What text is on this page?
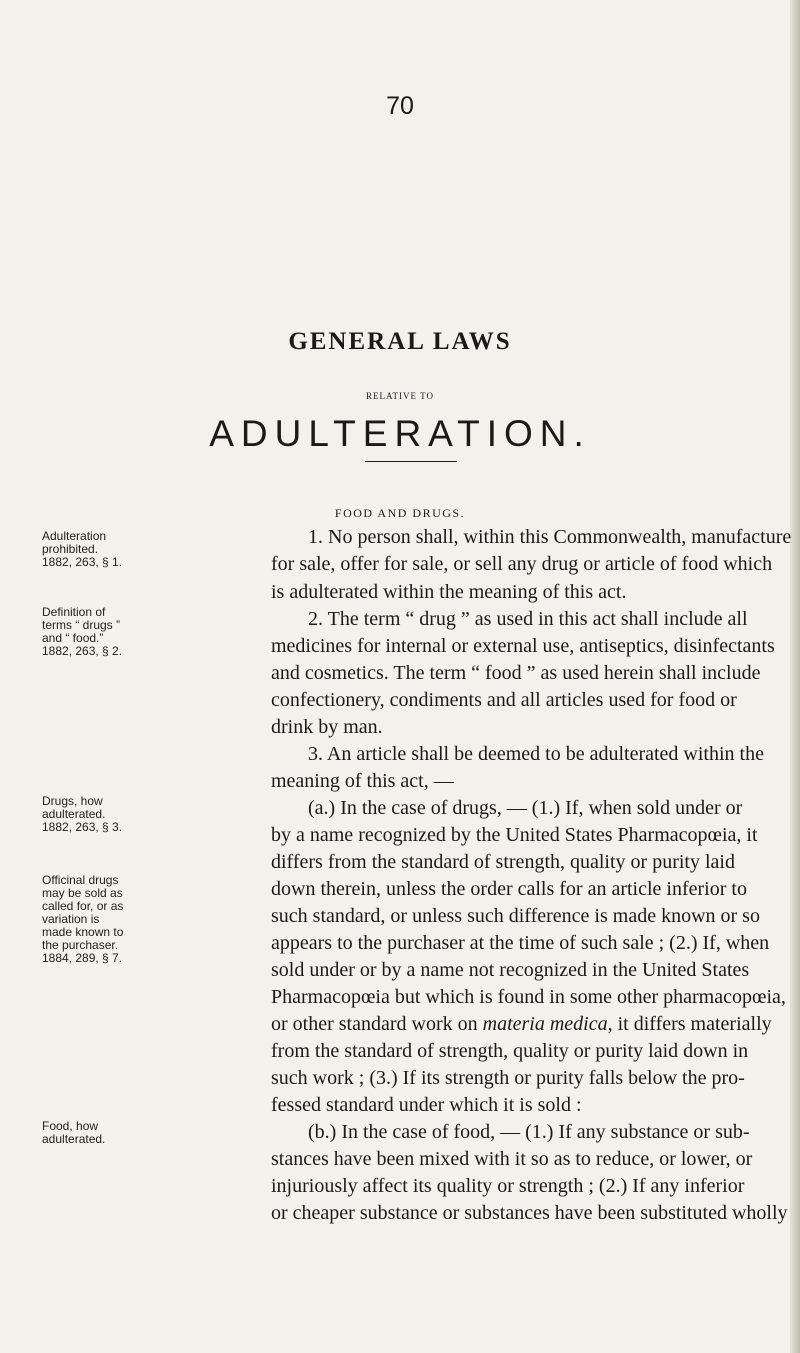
70
GENERAL LAWS
RELATIVE TO
ADULTERATION.
FOOD AND DRUGS.
1. No person shall, within this Commonwealth, manufacture
for sale, offer for sale, or sell any drug or article of food which
is adulterated within the meaning of this act.
2. The term “ drug ” as used in this act shall include all
medicines for internal or external use, antiseptics, disinfectants
and cosmetics. The term “ food ” as used herein shall include
confectionery, condiments and all articles used for food or
drink by man.
3. An article shall be deemed to be adulterated within the
meaning of this act, —
(a.) In the case of drugs, — (1.) If, when sold under or
by a name recognized by the United States Pharmacopœia, it
differs from the standard of strength, quality or purity laid
down therein, unless the order calls for an article inferior to
such standard, or unless such difference is made known or so
appears to the purchaser at the time of such sale ; (2.) If, when
sold under or by a name not recognized in the United States
Pharmacopœia but which is found in some other pharmacopœia,
or other standard work on materia medica, it differs materially
from the standard of strength, quality or purity laid down in
such work ; (3.) If its strength or purity falls below the pro-
fessed standard under which it is sold :
(b.) In the case of food, — (1.) If any substance or sub-
stances have been mixed with it so as to reduce, or lower, or
injuriously affect its quality or strength ; (2.) If any inferior
or cheaper substance or substances have been substituted wholly
Adulteration
prohibited.
1882, 263, § 1.
Definition of
terms “ drugs ”
and “ food.”
1882, 263, § 2.
Drugs, how
adulterated.
1882, 263, § 3.
Officinal drugs
may be sold as
called for, or as
variation is
made known to
the purchaser.
1884, 289, § 7.
Food, how
adulterated.
